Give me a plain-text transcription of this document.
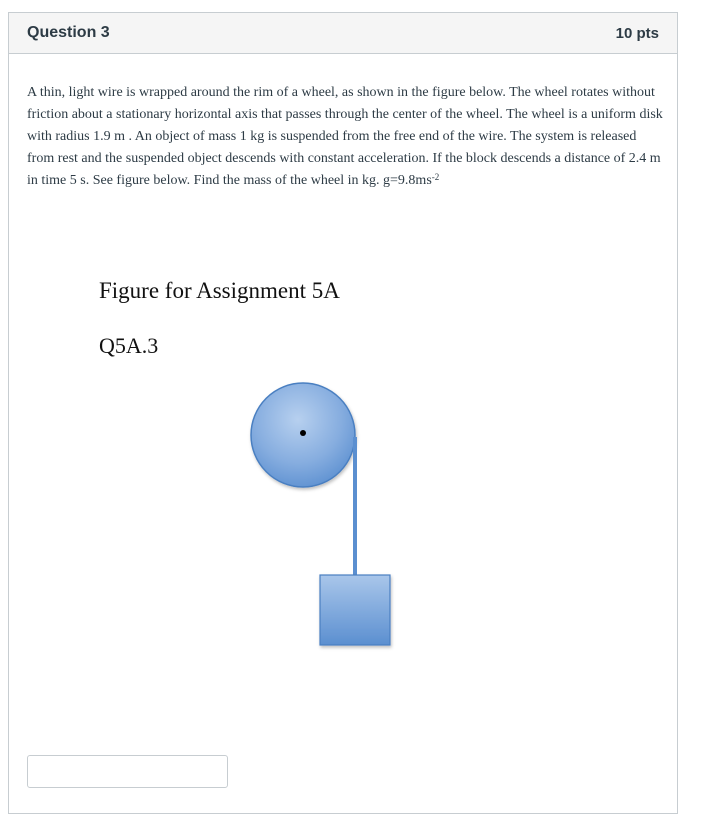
Question 3	10 pts
A thin, light wire is wrapped around the rim of a wheel, as shown in the figure below. The wheel rotates without friction about a stationary horizontal axis that passes through the center of the wheel. The wheel is a uniform disk with radius 1.9 m . An object of mass 1 kg is suspended from the free end of the wire. The system is released from rest and the suspended object descends with constant acceleration. If the block descends a distance of 2.4 m in time 5 s. See figure below. Find the mass of the wheel in kg. $g=9.8ms^{-2}$
Figure for Assignment 5A
Q5A.3
